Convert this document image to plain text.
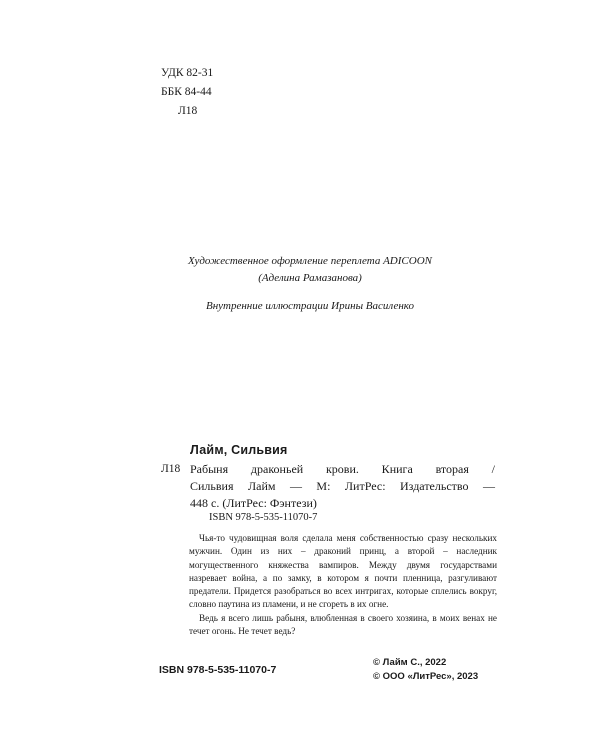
УДК 82-31
ББК 84-44
Л18
Художественное оформление переплета ADICOON
(Аделина Рамазанова)
Внутренние иллюстрации Ирины Василенко
Лайм, Сильвия
Л18 Рабыня драконьей крови. Книга вторая /
Сильвия Лайм — М: ЛитРес: Издательство —
448 с. (ЛитРес: Фэнтези)
ISBN 978-5-535-11070-7

Чья-то чудовищная воля сделала меня собственностью сразу нескольких мужчин. Один из них – драконий принц, а второй – наследник могущественного княжества вампиров. Между двумя государствами назревает война, а по замку, в котором я почти пленница, разгуливают предатели. Придется разобраться во всех интригах, которые сплелись вокруг, словно паутина из пламени, и не сгореть в их огне.

Ведь я всего лишь рабыня, влюбленная в своего хозяина, в моих венах не течет огонь. Не течет ведь?

ISBN 978-5-535-11070-7
© Лайм С., 2022
© ООО «ЛитРес», 2023
